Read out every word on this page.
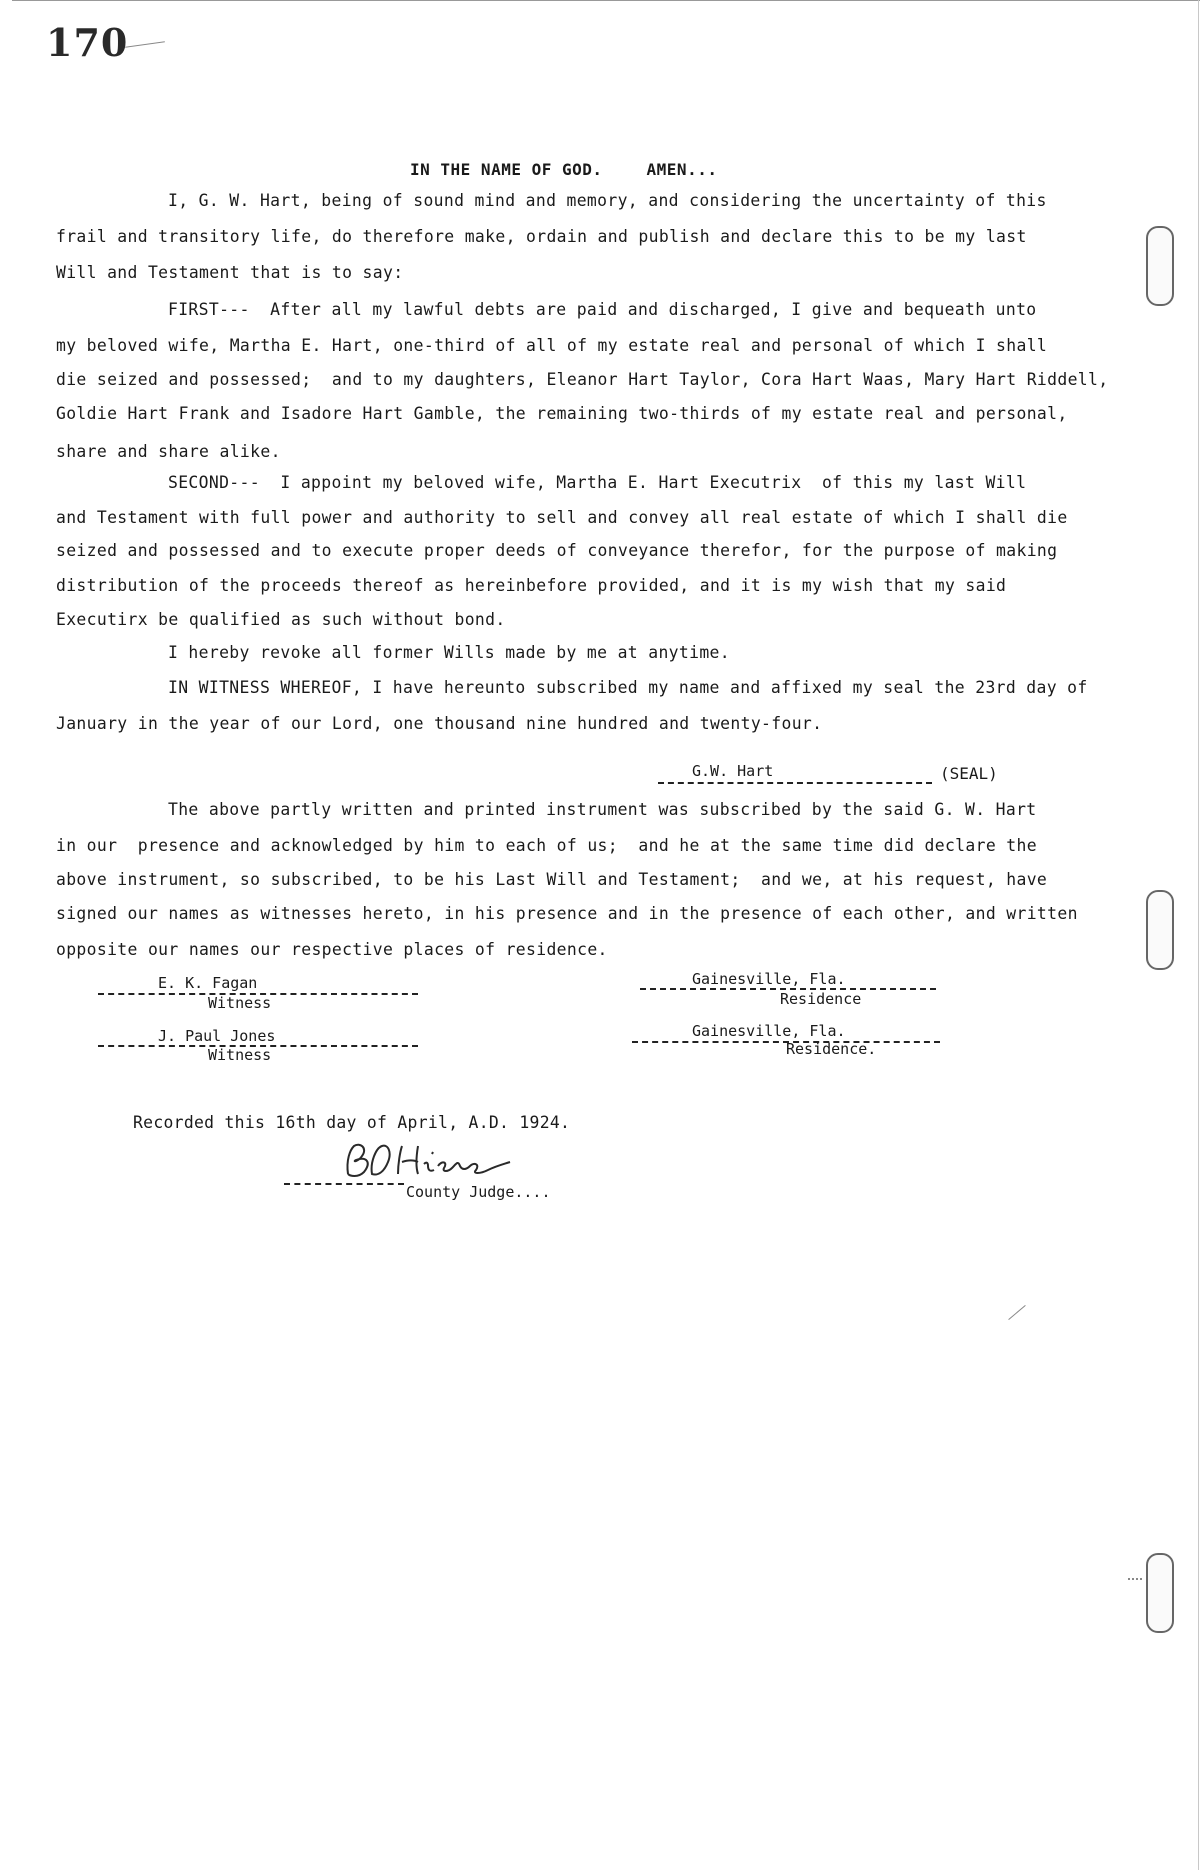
170
IN THE NAME OF GOD.	AMEN...
I, G. W. Hart, being of sound mind and memory, and considering the uncertainty of this
frail and transitory life, do therefore make, ordain and publish and declare this to be my last
Will and Testament that is to say:
FIRST---  After all my lawful debts are paid and discharged, I give and bequeath unto
my beloved wife, Martha E. Hart, one-third of all of my estate real and personal of which I shall
die seized and possessed;  and to my daughters, Eleanor Hart Taylor, Cora Hart Waas, Mary Hart Riddell,
Goldie Hart Frank and Isadore Hart Gamble, the remaining two-thirds of my estate real and personal,
share and share alike.
SECOND---  I appoint my beloved wife, Martha E. Hart Executrix  of this my last Will
and Testament with full power and authority to sell and convey all real estate of which I shall die
seized and possessed and to execute proper deeds of conveyance therefor, for the purpose of making
distribution of the proceeds thereof as hereinbefore provided, and it is my wish that my said
Executirx be qualified as such without bond.
I hereby revoke all former Wills made by me at anytime.
IN WITNESS WHEREOF, I have hereunto subscribed my name and affixed my seal the 23rd day of
January in the year of our Lord, one thousand nine hundred and twenty-four.
G.W. Hart	(SEAL)
The above partly written and printed instrument was subscribed by the said G. W. Hart
in our  presence and acknowledged by him to each of us;  and he at the same time did declare the
above instrument, so subscribed, to be his Last Will and Testament;  and we, at his request, have
signed our names as witnesses hereto, in his presence and in the presence of each other, and written
opposite our names our respective places of residence.
E. K. Fagan
Witness
Gainesville, Fla.
Residence
J. Paul Jones
Witness
Gainesville, Fla.
Residence.
Recorded this 16th day of April, A.D. 1924.
County Judge....
